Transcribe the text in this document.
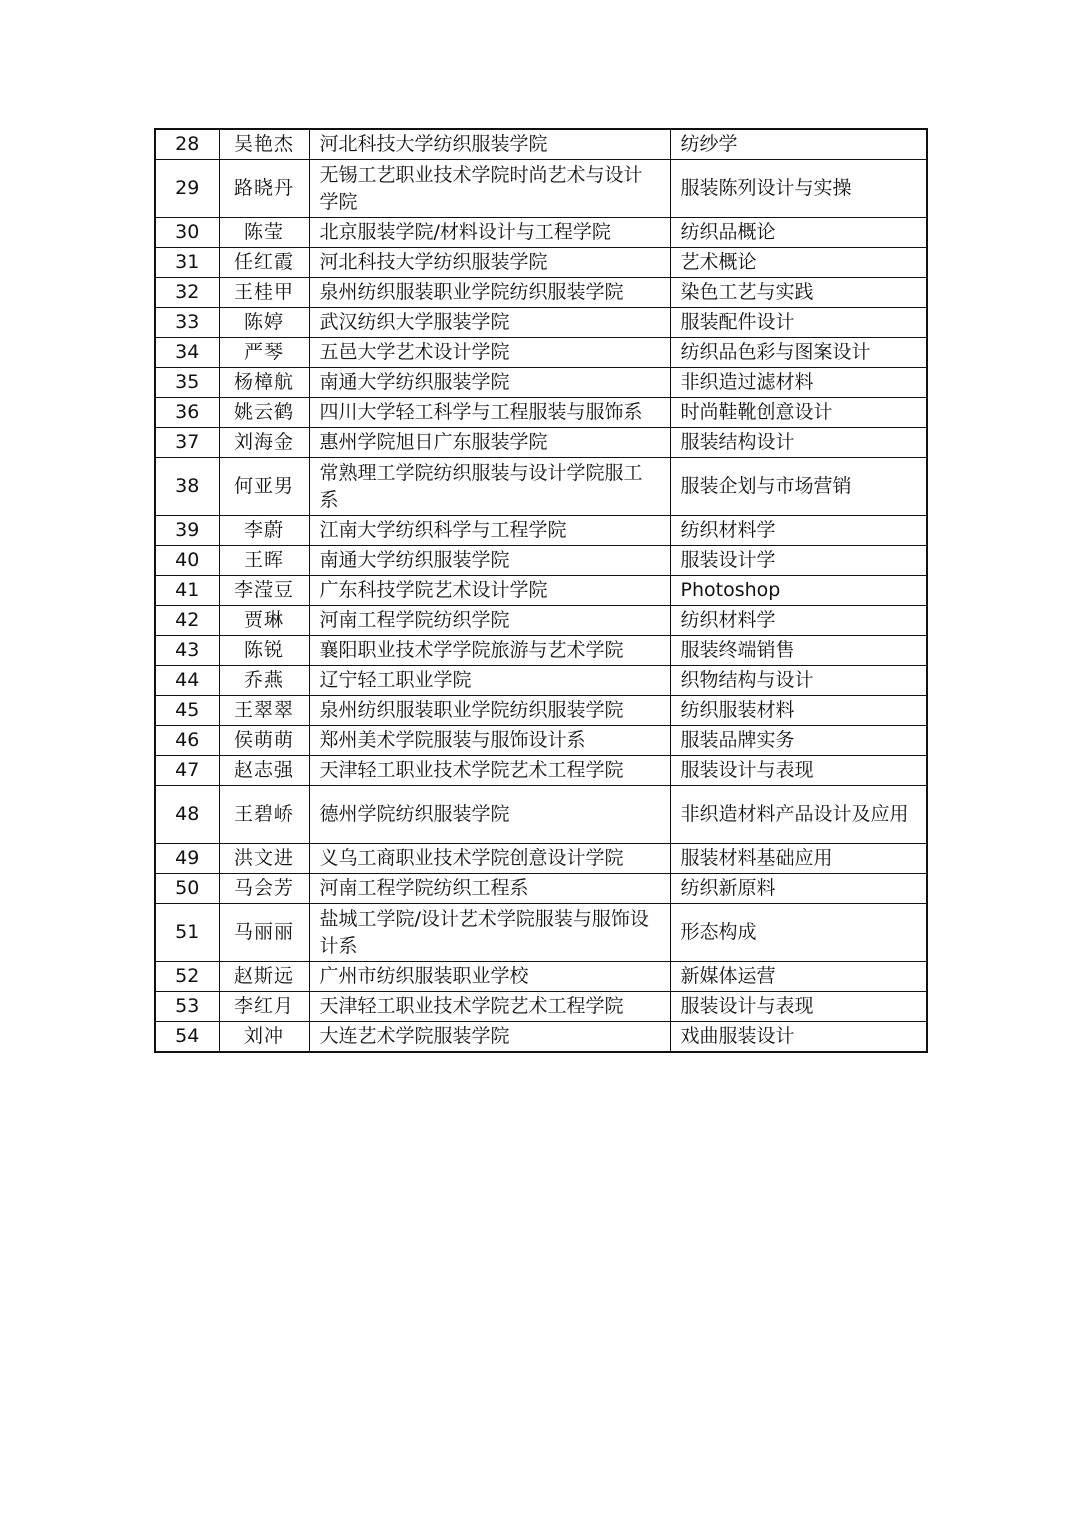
28	吴艳杰	河北科技大学纺织服装学院	纺纱学
29	路晓丹	无锡工艺职业技术学院时尚艺术与设计学院	服装陈列设计与实操
30	陈莹	北京服装学院/材料设计与工程学院	纺织品概论
31	任红霞	河北科技大学纺织服装学院	艺术概论
32	王桂甲	泉州纺织服装职业学院纺织服装学院	染色工艺与实践
33	陈婷	武汉纺织大学服装学院	服装配件设计
34	严琴	五邑大学艺术设计学院	纺织品色彩与图案设计
35	杨樟航	南通大学纺织服装学院	非织造过滤材料
36	姚云鹤	四川大学轻工科学与工程服装与服饰系	时尚鞋靴创意设计
37	刘海金	惠州学院旭日广东服装学院	服装结构设计
38	何亚男	常熟理工学院纺织服装与设计学院服工系	服装企划与市场营销
39	李蔚	江南大学纺织科学与工程学院	纺织材料学
40	王晖	南通大学纺织服装学院	服装设计学
41	李滢豆	广东科技学院艺术设计学院	Photoshop
42	贾琳	河南工程学院纺织学院	纺织材料学
43	陈锐	襄阳职业技术学学院旅游与艺术学院	服装终端销售
44	乔燕	辽宁轻工职业学院	织物结构与设计
45	王翠翠	泉州纺织服装职业学院纺织服装学院	纺织服装材料
46	侯萌萌	郑州美术学院服装与服饰设计系	服装品牌实务
47	赵志强	天津轻工职业技术学院艺术工程学院	服装设计与表现
48	王碧峤	德州学院纺织服装学院	非织造材料产品设计及应用
49	洪文进	义乌工商职业技术学院创意设计学院	服装材料基础应用
50	马会芳	河南工程学院纺织工程系	纺织新原料
51	马丽丽	盐城工学院/设计艺术学院服装与服饰设计系	形态构成
52	赵斯远	广州市纺织服装职业学校	新媒体运营
53	李红月	天津轻工职业技术学院艺术工程学院	服装设计与表现
54	刘冲	大连艺术学院服装学院	戏曲服装设计
